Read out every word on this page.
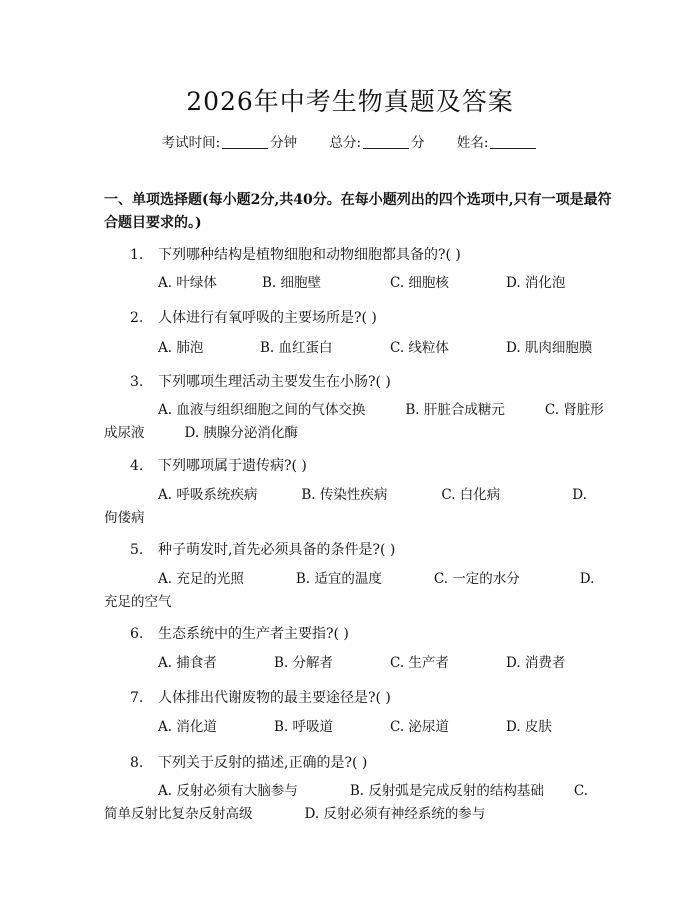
2026年中考生物真题及答案
考试时间:	分钟 总分:	分 姓名:
一、单项选择题(每小题2分,共40分。在每小题列出的四个选项中,只有一项是最符合题目要求的。)
1. 下列哪种结构是植物细胞和动物细胞都具备的?( )
A. 叶绿体	B. 细胞壁	C. 细胞核	D. 消化泡
2. 人体进行有氧呼吸的主要场所是?( )
A. 肺泡	B. 血红蛋白	C. 线粒体	D. 肌肉细胞膜
3. 下列哪项生理活动主要发生在小肠?( )
A. 血液与组织细胞之间的气体交换	B. 肝脏合成糖元	C. 肾脏形成尿液	D. 胰腺分泌消化酶
4. 下列哪项属于遗传病?( )
A. 呼吸系统疾病	B. 传染性疾病	C. 白化病	D. 佝偻病
5. 种子萌发时,首先必须具备的条件是?( )
A. 充足的光照	B. 适宜的温度	C. 一定的水分	D. 充足的空气
6. 生态系统中的生产者主要指?( )
A. 捕食者	B. 分解者	C. 生产者	D. 消费者
7. 人体排出代谢废物的最主要途径是?( )
A. 消化道	B. 呼吸道	C. 泌尿道	D. 皮肤
8. 下列关于反射的描述,正确的是?( )
A. 反射必须有大脑参与	B. 反射弧是完成反射的结构基础 C. 简单反射比复杂反射高级	D. 反射必须有神经系统的参与
